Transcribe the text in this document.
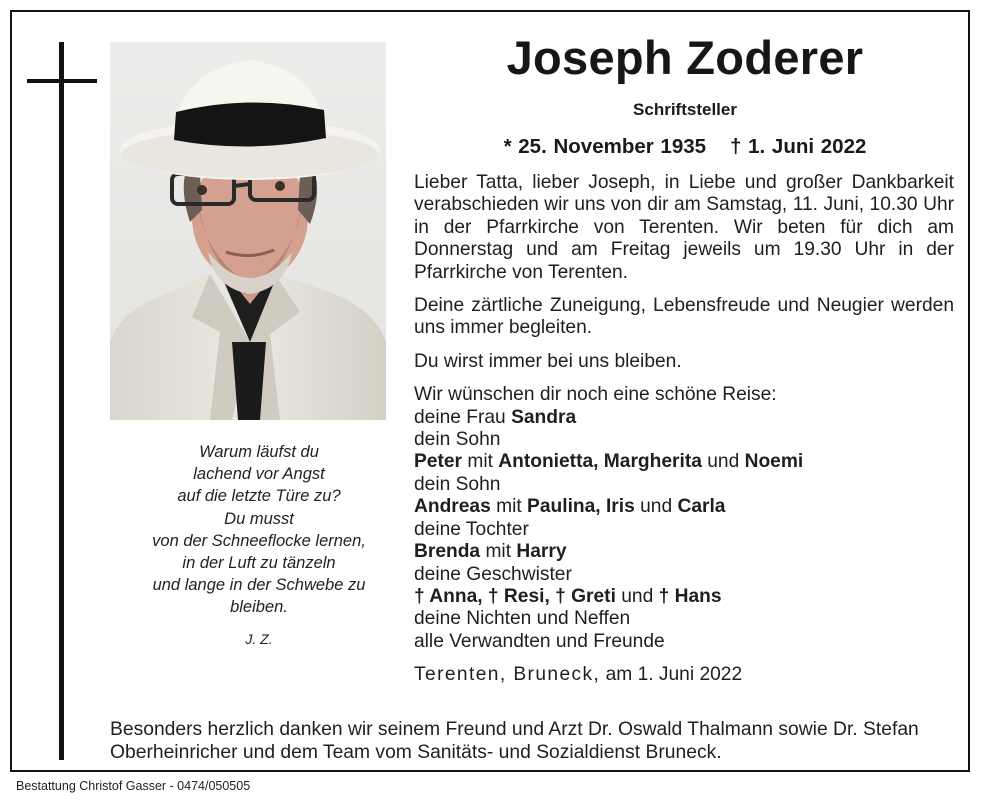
Warum läufst du
lachend vor Angst
auf die letzte Türe zu?
Du musst
von der Schneeflocke lernen,
in der Luft zu tänzeln
und lange in der Schwebe zu
bleiben.
J. Z.
Joseph Zoderer
Schriftsteller
* 25. November 1935 † 1. Juni 2022

Lieber Tatta, lieber Joseph, in Liebe und großer Dankbarkeit verabschieden wir uns von dir am Samstag, 11. Juni, 10.30 Uhr in der Pfarrkirche von Terenten. Wir beten für dich am Donnerstag und am Freitag jeweils um 19.30 Uhr in der Pfarrkirche von Terenten.

Deine zärtliche Zuneigung, Lebensfreude und Neugier werden uns immer begleiten.

Du wirst immer bei uns bleiben.

Wir wünschen dir noch eine schöne Reise:

deine Frau Sandra

dein Sohn

Peter mit Antonietta, Margherita und Noemi

dein Sohn

Andreas mit Paulina, Iris und Carla

deine Tochter

Brenda mit Harry

deine Geschwister

† Anna, † Resi, † Greti und † Hans

deine Nichten und Neffen

alle Verwandten und Freunde

Terenten, Bruneck, am 1. Juni 2022

Besonders herzlich danken wir seinem Freund und Arzt Dr. Oswald Thalmann sowie Dr. Stefan Oberheinricher und dem Team vom Sanitäts- und Sozialdienst Bruneck.
Bestattung Christof Gasser - 0474/050505
